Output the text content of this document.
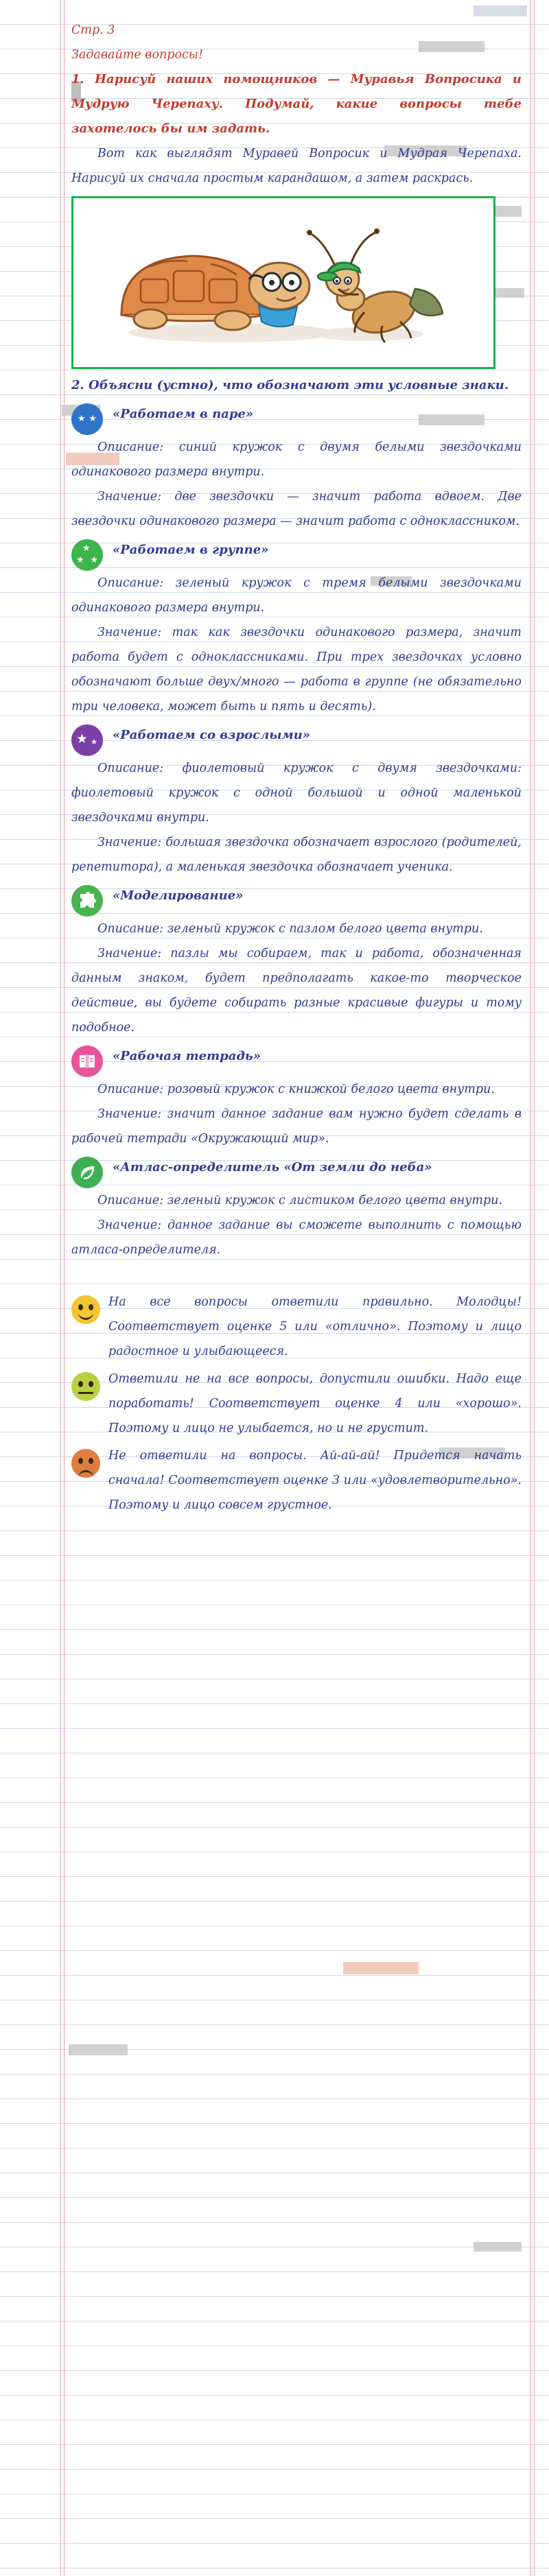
Стр. 3

Задавайте вопросы!

1. Нарисуй наших помощников — Муравья Вопросика и Мудрую Черепаху. Подумай, какие вопросы тебе захотелось бы им задать.

Вот как выглядят Муравей Вопросик и Мудрая Черепаха. Нарисуй их сначала простым карандашом, а затем раскрась.

2. Объясни (устно), что обозначают эти условные знаки.

★ ★ «Работаем в паре»

Описание: синий кружок с двумя белыми звездочками одинакового размера внутри.

Значение: две звездочки — значит работа вдвоем. Две звездочки одинакового размера — значит работа с одноклассником.

★
★ ★
«Работаем в группе»

Описание: зеленый кружок с тремя белыми звездочками одинакового размера внутри.

Значение: так как звездочки одинакового размера, значит работа будет с одноклассниками. При трех звездочках условно обозначают больше двух/много — работа в группе (не обязательно три человека, может быть и пять и десять).

★ ★ «Работаем со взрослыми»

Описание: фиолетовый кружок с двумя звездочками: фиолетовый кружок с одной большой и одной маленькой звездочками внутри.

Значение: большая звездочка обозначает взрослого (родителей, репетитора), а маленькая звездочка обозначает ученика.

«Моделирование»

Описание: зеленый кружок с пазлом белого цвета внутри.

Значение: пазлы мы собираем, так и работа, обозначенная данным знаком, будет предполагать какое-то творческое действие, вы будете собирать разные красивые фигуры и тому подобное.

«Рабочая тетрадь»

Описание: розовый кружок с книжкой белого цвета внутри.

Значение: значит данное задание вам нужно будет сделать в рабочей тетради «Окружающий мир».

«Атлас-определитель «От земли до неба»

Описание: зеленый кружок с листиком белого цвета внутри.

Значение: данное задание вы сможете выполнить с помощью атласа-определителя.

На все вопросы ответили правильно. Молодцы! Соответствует оценке 5 или «отлично». Поэтому и лицо радостное и улыбающееся.
Ответили не на все вопросы, допустили ошибки. Надо еще поработать! Соответствует оценке 4 или «хорошо». Поэтому и лицо не улыбается, но и не грустит.
Не ответили на вопросы. Ай-ай-ай! Придется начать сначала! Соответствует оценке 3 или «удовлетворительно». Поэтому и лицо совсем грустное.
